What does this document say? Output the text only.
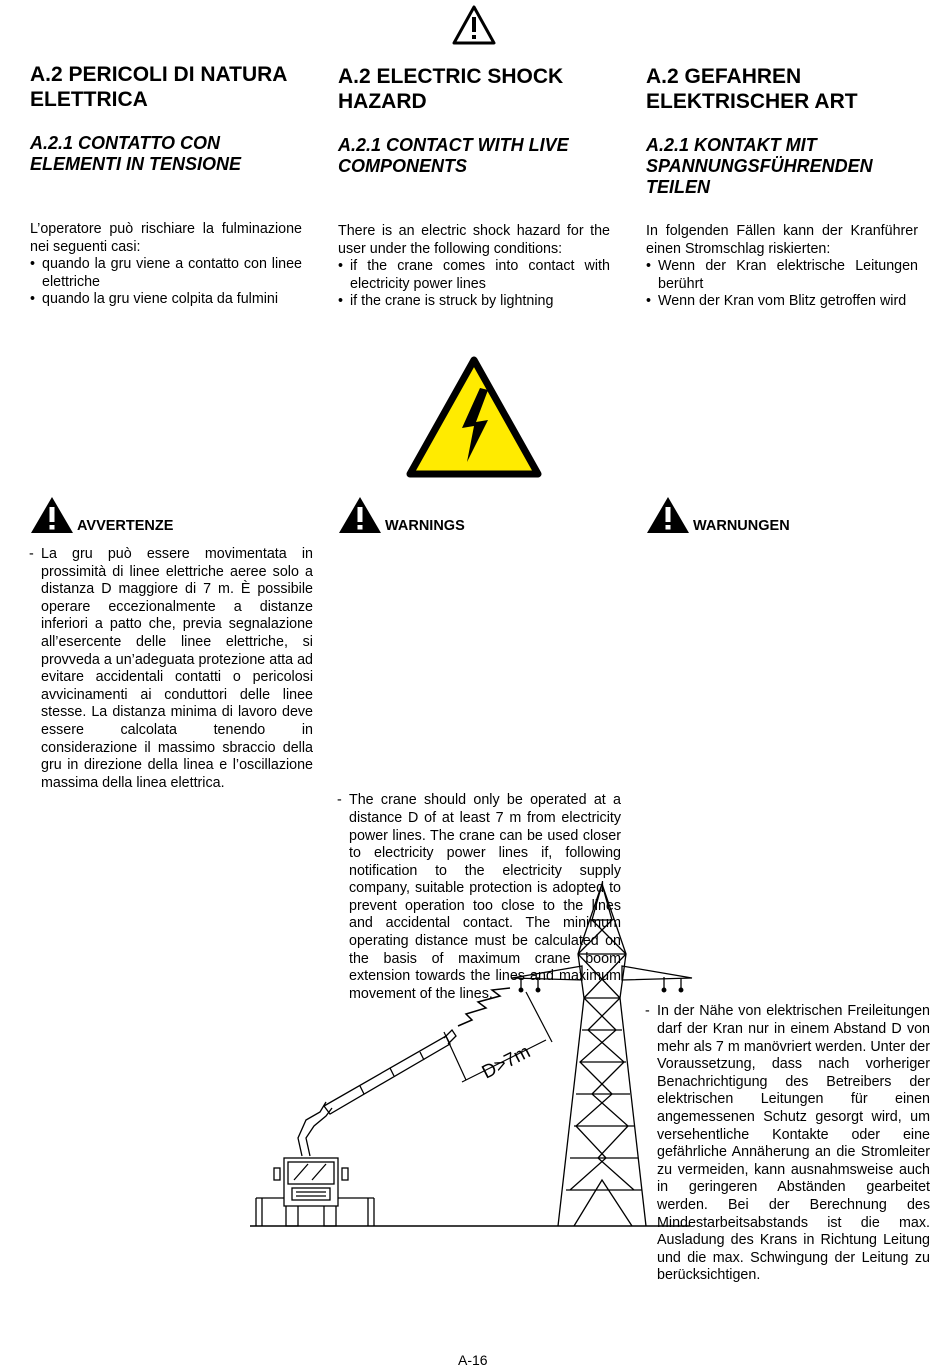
A.2 PERICOLI DI NATURA ELETTRICA
A.2.1 CONTATTO CON ELEMENTI IN TENSIONE
L’operatore può rischiare la fulminazione nei seguenti casi:
• quando la gru viene a contatto con linee elettriche
• quando la gru viene colpita da fulmini
A.2 ELECTRIC SHOCK HAZARD
A.2.1 CONTACT WITH LIVE COMPONENTS
There is an electric shock hazard for the user under the following conditions:
• if the crane comes into contact with electricity power lines
• if the crane is struck by lightning
A.2 GEFAHREN ELEKTRISCHER ART
A.2.1 KONTAKT MIT SPANNUNGSFÜHRENDEN TEILEN
In folgenden Fällen kann der Kranführer einen Stromschlag riskierten:
• Wenn der Kran elektrische Leitungen berührt
• Wenn der Kran vom Blitz getroffen wird
AVVERTENZE	WARNINGS	WARNUNGEN
- La gru può essere movimentata in prossimità di linee elettriche aeree solo a distanza D maggiore di 7 m. È possibile operare eccezionalmente a distanze inferiori a patto che, previa segnalazione all’esercente delle linee elettriche, si provveda a un’adeguata protezione atta ad evitare accidentali contatti o pericolosi avvicinamenti ai conduttori delle linee stesse. La distanza minima di lavoro deve essere calcolata tenendo in considerazione il massimo sbraccio della gru in direzione della linea e l’oscillazione massima della linea elettrica.
- The crane should only be operated at a distance D of at least 7 m from electricity power lines. The crane can be used closer to electricity power lines if, following notification to the electricity supply company, suitable protection is adopted to prevent operation too close to the lines and accidental contact. The minimum operating distance must be calculated on the basis of maximum crane boom extension towards the lines and maximum movement of the lines.
- In der Nähe von elektrischen Freileitungen darf der Kran nur in einem Abstand D von mehr als 7 m manövriert werden. Unter der Voraussetzung, dass nach vorheriger Benachrichtigung des Betreibers der elektrischen Leitungen für einen angemessenen Schutz gesorgt wird, um versehentliche Kontakte oder eine gefährliche Annäherung an die Stromleiter zu vermeiden, kann ausnahmsweise auch in geringeren Abständen gearbeitet werden. Bei der Berechnung des Mindestarbeitsabstands ist die max. Ausladung des Krans in Richtung Leitung und die max. Schwingung der Leitung zu berücksichtigen.
D>7m
A-16
